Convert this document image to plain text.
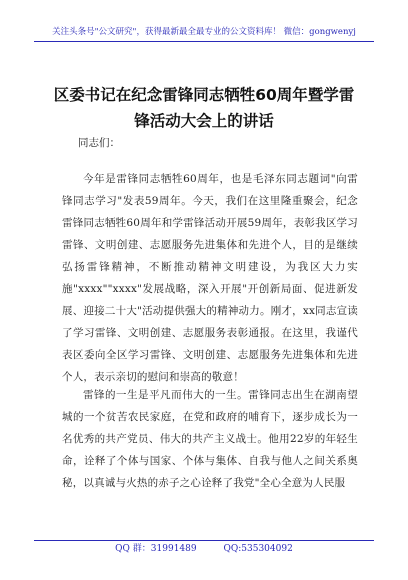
关注头条号"公文研究"，获得最新最全最专业的公文资料库！ 微信：gongwenyj
区委书记在纪念雷锋同志牺牲60周年暨学雷锋活动大会上的讲话
同志们：
今年是雷锋同志牺牲60周年，也是毛泽东同志题词"向雷锋同志学习"发表59周年。今天，我们在这里隆重聚会，纪念雷锋同志牺牲60周年和学雷锋活动开展59周年，表彰我区学习雷锋、文明创建、志愿服务先进集体和先进个人，目的是继续弘扬雷锋精神，不断推动精神文明建设，为我区大力实施"xxxx""xxxx"发展战略，深入开展"开创新局面、促进新发展、迎接二十大"活动提供强大的精神动力。刚才，xx同志宣读了学习雷锋、文明创建、志愿服务表彰通报。在这里，我谨代表区委向全区学习雷锋、文明创建、志愿服务先进集体和先进个人，表示亲切的慰问和崇高的敬意！
雷锋的一生是平凡而伟大的一生。雷锋同志出生在湖南望城的一个贫苦农民家庭，在党和政府的哺育下，逐步成长为一名优秀的共产党员、伟大的共产主义战士。他用22岁的年轻生命，诠释了个体与国家、个体与集体、自我与他人之间关系奥秘，以真诚与火热的赤子之心诠释了我党"全心全意为人民服
QQ 群：31991489	QQ:535304092
